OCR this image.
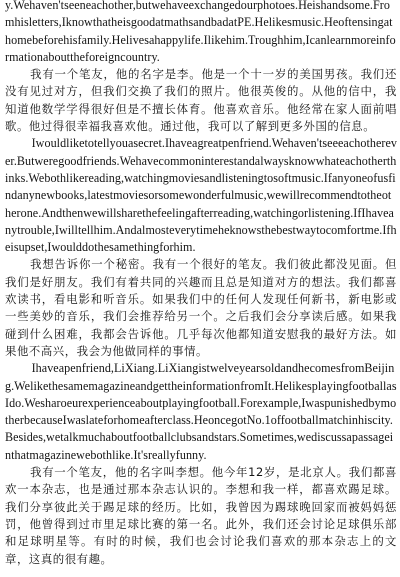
y.Wehaven'tseeneachother,butwehaveexchangedourphotoes.Heishandsome.Fromhisletters,IknowthatheisgoodatmathsandbadatPE.Helikesmusic.Heoftensingathomebeforehisfamily.Helivesahappylife.Ilikehim.Troughhim,Icanlearnmoreinformationabouttheforeigncountry.

我有一个笔友，他的名字是李。他是一个十一岁的美国男孩。我们还没有见过对方，但我们交换了我们的照片。他很英俊的。从他的信中，我知道他数学学得很好但是不擅长体育。他喜欢音乐。他经常在家人面前唱歌。他过得很幸福我喜欢他。通过他，我可以了解到更多外国的信息。

Iwouldliketotellyouasecret.Ihaveagreatpenfriend.Wehaven'tseeeachotherever.Butweregoodfriends.Wehavecommoninterestandalwaysknowwhateachotherthinks.Webothlikereading,watchingmoviesandlisteningtosoftmusic.Ifanyoneofusfindanynewbooks,latestmoviesorsomewonderfulmusic,wewillrecommendtotheotherone.Andthenwewillsharethefeelingafterreading,watchingorlistening.IfIhaveanytrouble,Iwilltellhim.Andalmosteverytimeheknowsthebestwaytocomfortme.Ifheisupset,Iwoulddothesamethingforhim.

我想告诉你一个秘密。我有一个很好的笔友。我们彼此都没见面。但我们是好朋友。我们有着共同的兴趣而且总是知道对方的想法。我们都喜欢读书，看电影和听音乐。如果我们中的任何人发现任何新书，新电影或一些美妙的音乐，我们会推荐给另一个。之后我们会分享读后感。如果我碰到什么困难，我都会告诉他。几乎每次他都知道安慰我的最好方法。如果他不高兴，我会为他做同样的事情。

Ihaveapenfriend,LiXiang.LiXiangistwelveyearsoldandhecomesfromBeijing.WelikethesamemagazineandgettheinformationfromIt.HelikesplayingfootballasIdo.Wesharoeurexperienceaboutplayingfootball.Forexample,IwaspunishedbymotherbecauseIwaslateforhomeafterclass.HeoncegotNo.1offootballmatchinhiscity.Besides,wetalkmuchaboutfootballclubsandstars.Sometimes,wediscussapassageinthatmagazinewebothlike.It'sreallyfunny.

我有一个笔友，他的名字叫李想。他今年12岁，是北京人。我们都喜欢一本杂志，也是通过那本杂志认识的。李想和我一样，都喜欢踢足球。我们分享彼此关于踢足球的经历。比如，我曾因为踢球晚回家而被妈妈惩罚，他曾得到过市里足球比赛的第一名。此外，我们还会讨论足球俱乐部和足球明星等。有时的时候，我们也会讨论我们喜欢的那本杂志上的文章，这真的很有趣。
